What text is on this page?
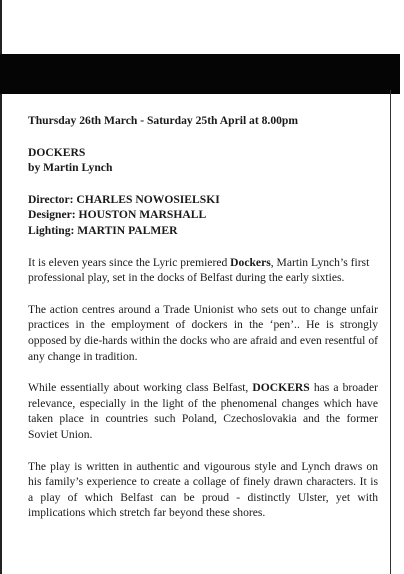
Thursday 26th March - Saturday 25th April at 8.00pm
DOCKERS
by Martin Lynch
Director: CHARLES NOWOSIELSKI
Designer: HOUSTON MARSHALL
Lighting: MARTIN PALMER

It is eleven years since the Lyric premiered Dockers, Martin Lynch’s first professional play, set in the docks of Belfast during the early sixties.

The action centres around a Trade Unionist who sets out to change unfair practices in the employment of dockers in the ‘pen’.. He is strongly opposed by die-hards within the docks who are afraid and even resentful of any change in tradition.

While essentially about working class Belfast, DOCKERS has a broader relevance, especially in the light of the phenomenal changes which have taken place in countries such Poland, Czechoslovakia and the former Soviet Union.

The play is written in authentic and vigourous style and Lynch draws on his family’s experience to create a collage of finely drawn characters. It is a play of which Belfast can be proud - distinctly Ulster, yet with implications which stretch far beyond these shores.
